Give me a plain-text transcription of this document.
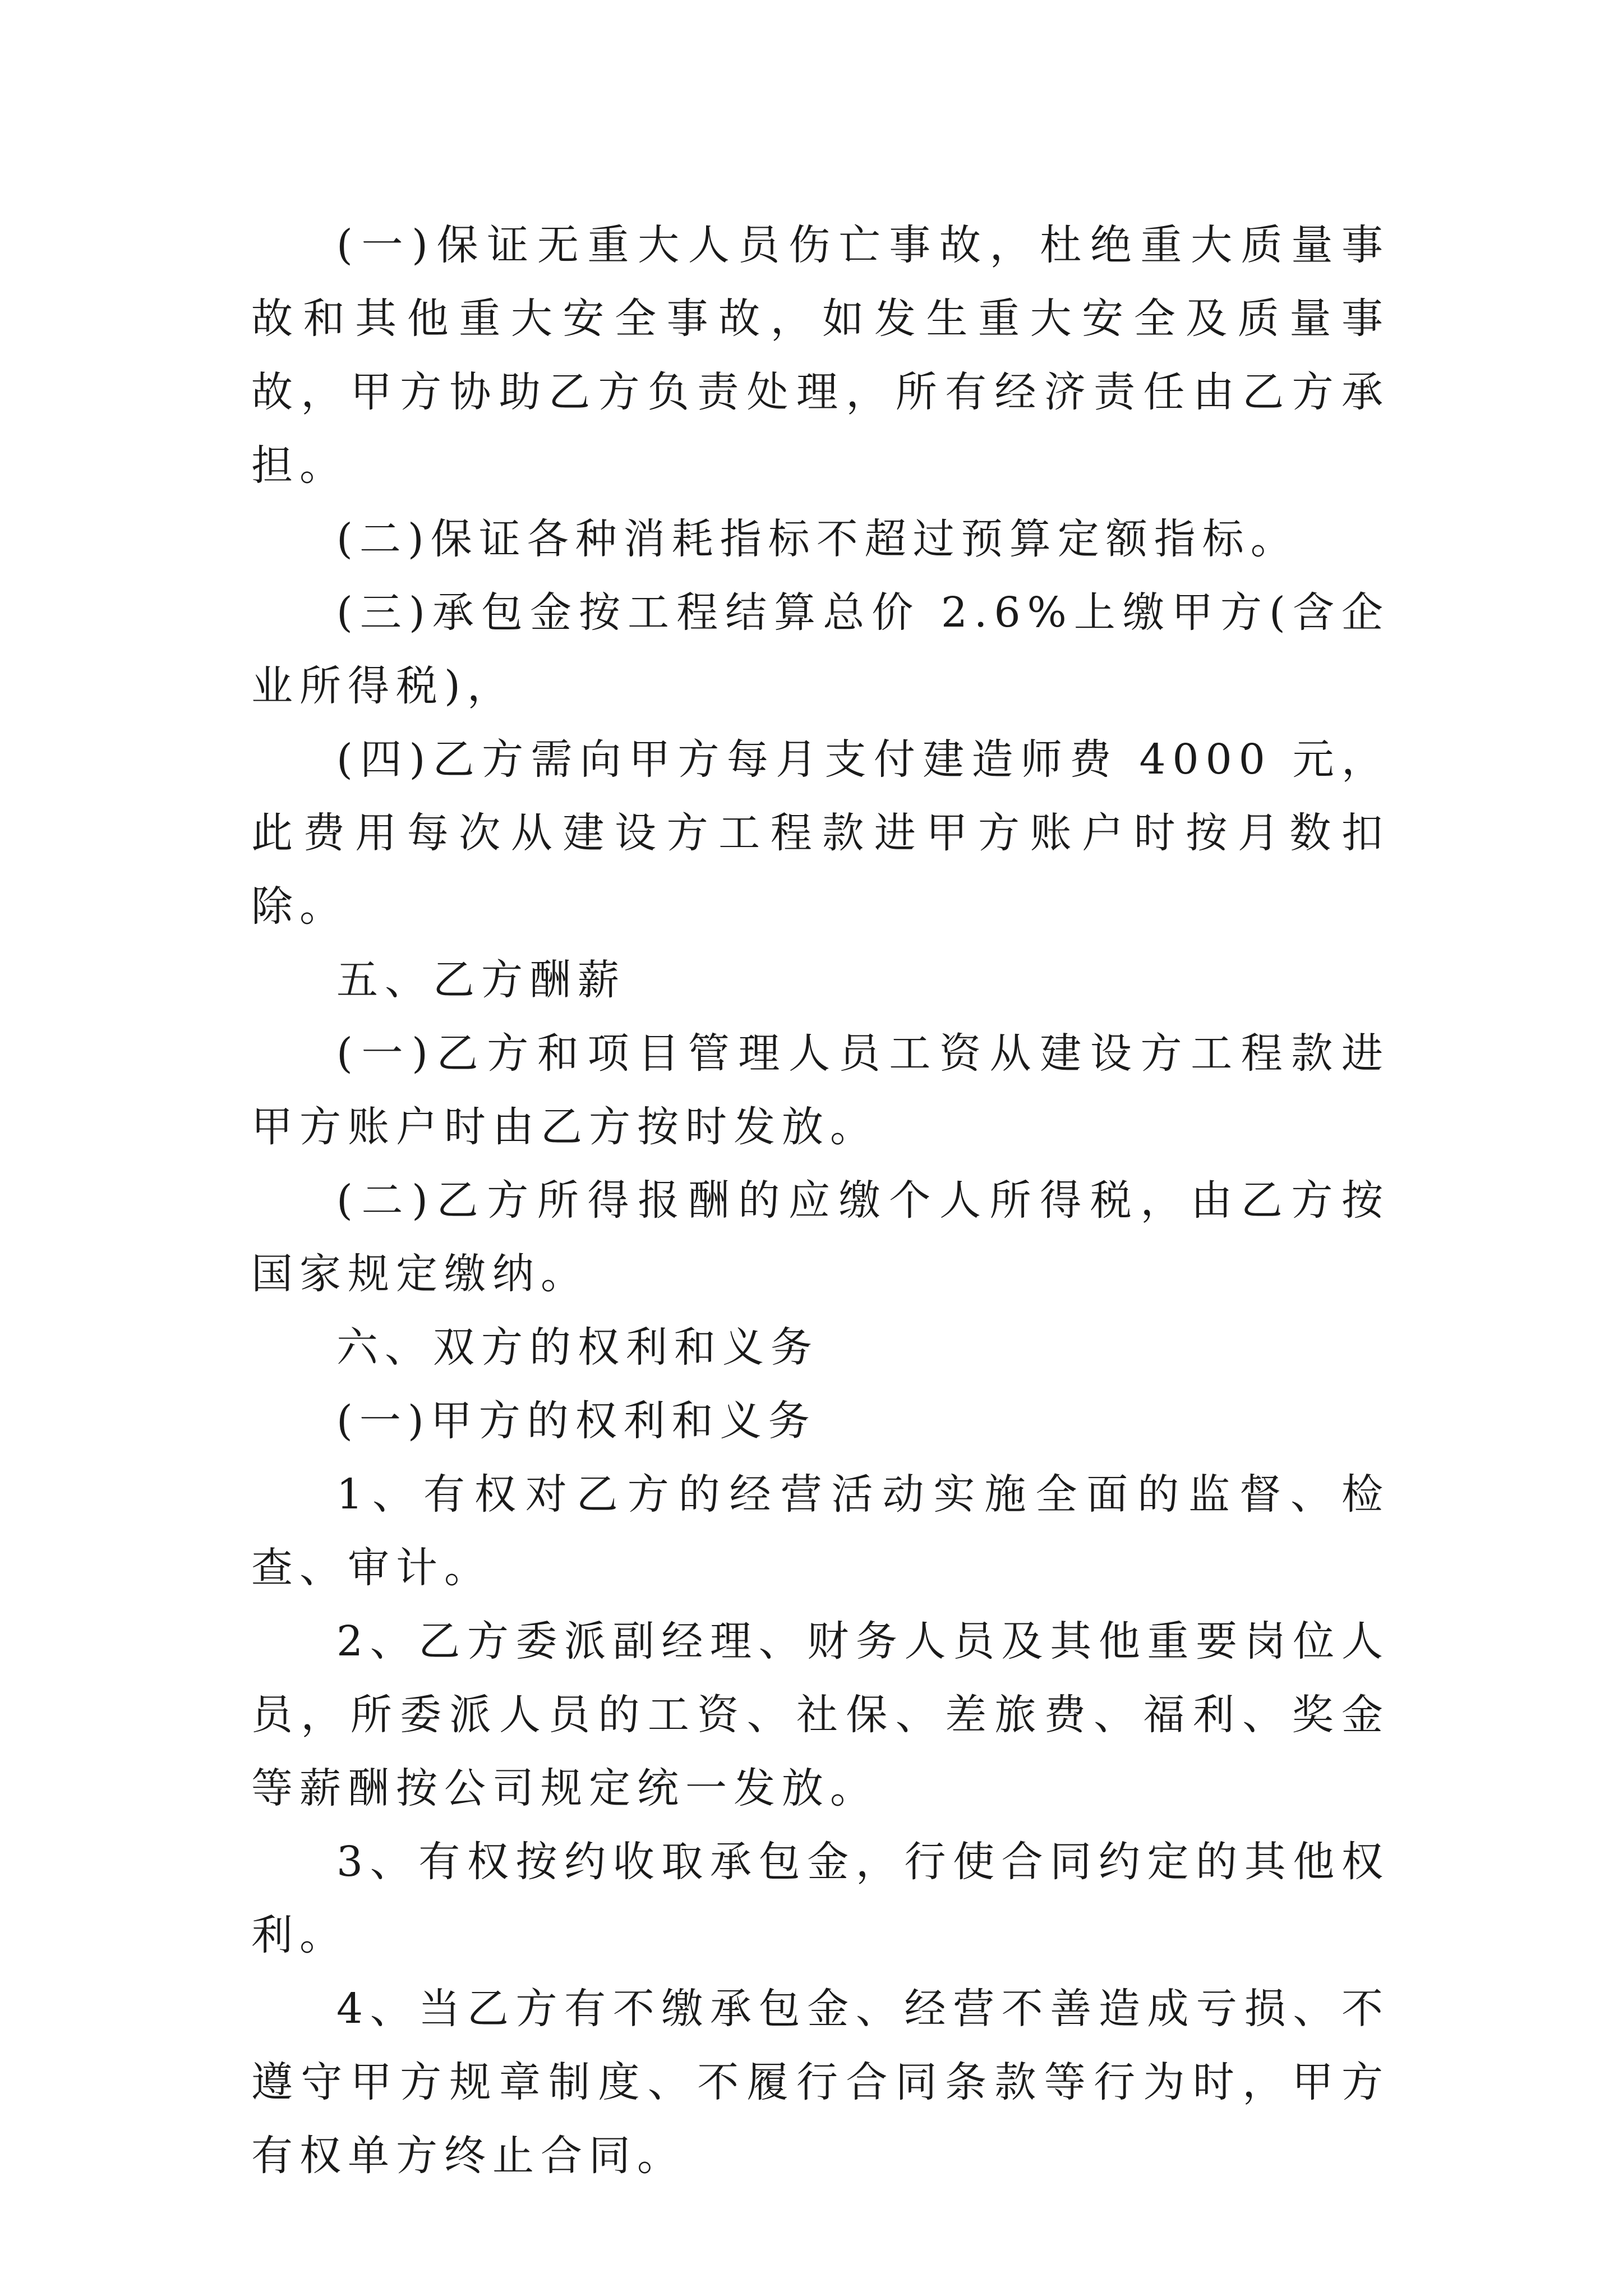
(一)保证无重大人员伤亡事故，杜绝重大质量事故和其他重大安全事故，如发生重大安全及质量事故，甲方协助乙方负责处理，所有经济责任由乙方承担。

(二)保证各种消耗指标不超过预算定额指标。

(三)承包金按工程结算总价 2.6%上缴甲方(含企业所得税)，

(四)乙方需向甲方每月支付建造师费 4000 元，此费用每次从建设方工程款进甲方账户时按月数扣除。

五、乙方酬薪

(一)乙方和项目管理人员工资从建设方工程款进甲方账户时由乙方按时发放。

(二)乙方所得报酬的应缴个人所得税，由乙方按国家规定缴纳。

六、双方的权利和义务

(一)甲方的权利和义务

1、有权对乙方的经营活动实施全面的监督、检查、审计。

2、乙方委派副经理、财务人员及其他重要岗位人员，所委派人员的工资、社保、差旅费、福利、奖金等薪酬按公司规定统一发放。

3、有权按约收取承包金，行使合同约定的其他权利。

4、当乙方有不缴承包金、经营不善造成亏损、不遵守甲方规章制度、不履行合同条款等行为时，甲方有权单方终止合同。
